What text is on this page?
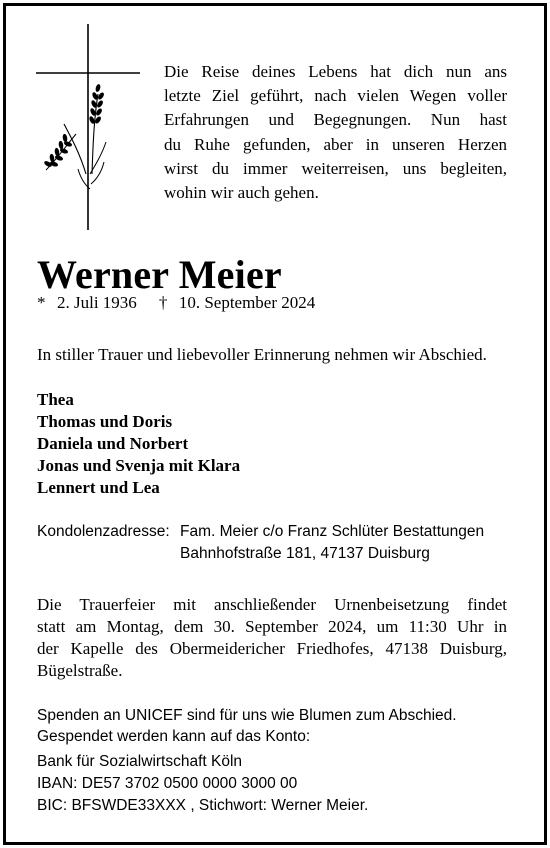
Die Reise deines Lebens hat dich nun ans
letzte Ziel geführt, nach vielen Wegen voller
Erfahrungen und Begegnungen. Nun hast
du Ruhe gefunden, aber in unseren Herzen
wirst du immer weiterreisen, uns begleiten,
wohin wir auch gehen.
Werner Meier
* 2. Juli 1936 † 10. September 2024
In stiller Trauer und liebevoller Erinnerung nehmen wir Abschied.
Thea
Thomas und Doris
Daniela und Norbert
Jonas und Svenja mit Klara
Lennert und Lea
Kondolenzadresse: Fam. Meier c/o Franz Schlüter Bestattungen
Bahnhofstraße 181, 47137 Duisburg
Die Trauerfeier mit anschließender Urnenbeisetzung findet
statt am Montag, dem 30. September 2024, um 11:30 Uhr in
der Kapelle des Obermeidericher Friedhofes, 47138 Duisburg,
Bügelstraße.
Spenden an UNICEF sind für uns wie Blumen zum Abschied.
Gespendet werden kann auf das Konto:
Bank für Sozialwirtschaft Köln
IBAN: DE57 3702 0500 0000 3000 00
BIC: BFSWDE33XXX , Stichwort: Werner Meier.
